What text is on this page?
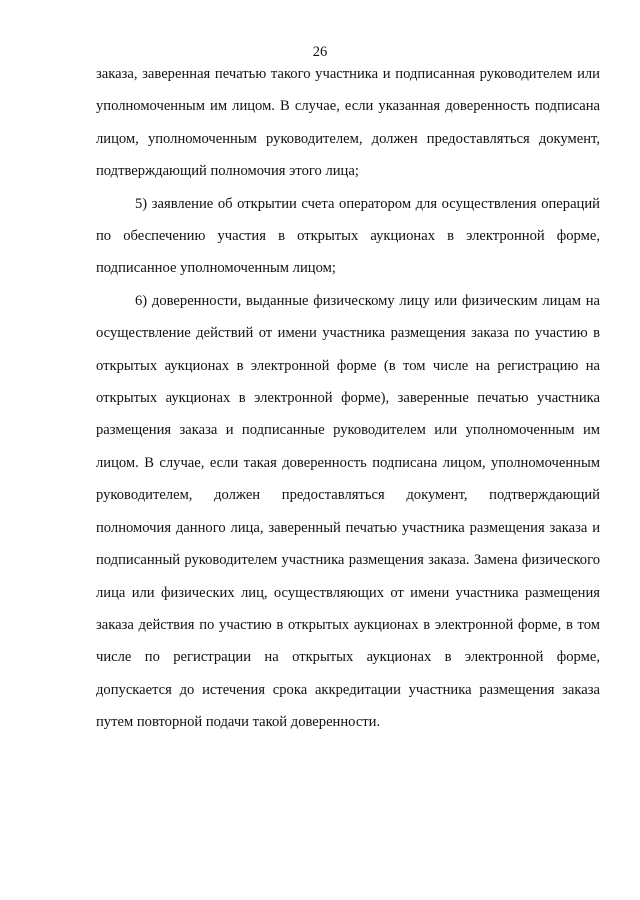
26

заказа, заверенная печатью такого участника и подписанная руководителем или уполномоченным им лицом. В случае, если указанная доверенность подписана лицом, уполномоченным руководителем, должен предоставляться документ, подтверждающий полномочия этого лица;

5) заявление об открытии счета оператором для осуществления операций по обеспечению участия в открытых аукционах в электронной форме, подписанное уполномоченным лицом;

6) доверенности, выданные физическому лицу или физическим лицам на осуществление действий от имени участника размещения заказа по участию в открытых аукционах в электронной форме (в том числе на регистрацию на открытых аукционах в электронной форме), заверенные печатью участника размещения заказа и подписанные руководителем или уполномоченным им лицом. В случае, если такая доверенность подписана лицом, уполномоченным руководителем, должен предоставляться документ, подтверждающий полномочия данного лица, заверенный печатью участника размещения заказа и подписанный руководителем участника размещения заказа. Замена физического лица или физических лиц, осуществляющих от имени участника размещения заказа действия по участию в открытых аукционах в электронной форме, в том числе по регистрации на открытых аукционах в электронной форме, допускается до истечения срока аккредитации участника размещения заказа путем повторной подачи такой доверенности.
